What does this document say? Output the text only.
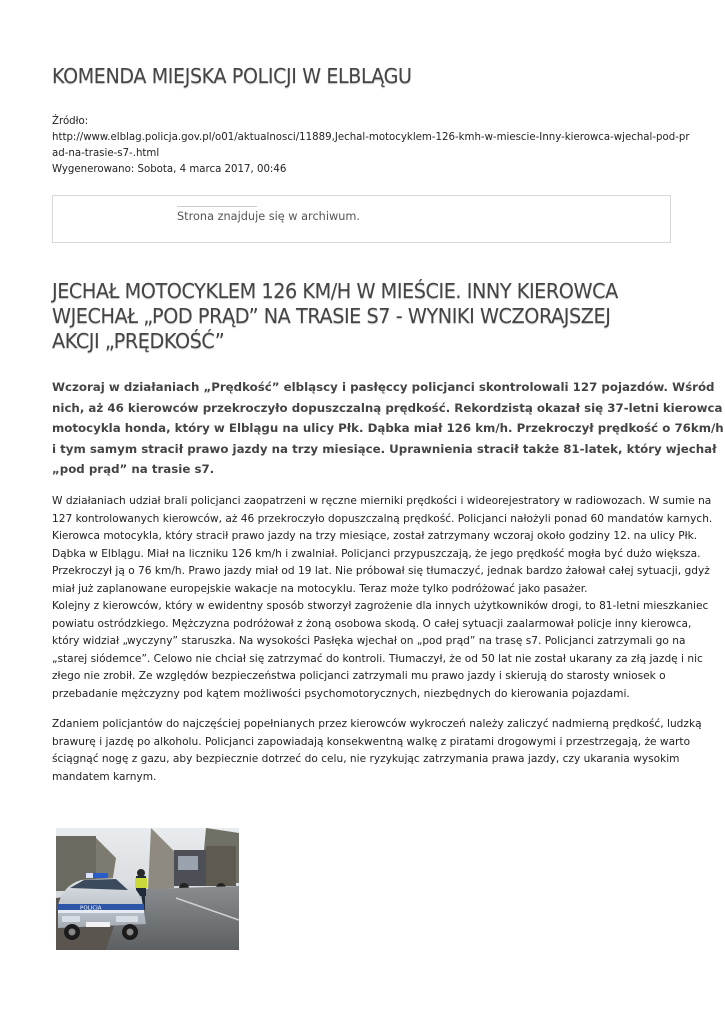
KOMENDA MIEJSKA POLICJI W ELBLĄGU
Źródło:
http://www.elblag.policja.gov.pl/o01/aktualnosci/11889,Jechal-motocyklem-126-kmh-w-miescie-Inny-kierowca-wjechal-pod-pr
ad-na-trasie-s7-.html
Wygenerowano: Sobota, 4 marca 2017, 00:46
Strona znajduje się w archiwum.
JECHAŁ MOTOCYKLEM 126 KM/H W MIEŚCIE. INNY KIEROWCA
WJECHAŁ „POD PRĄD” NA TRASIE S7 - WYNIKI WCZORAJSZEJ
AKCJI „PRĘDKOŚĆ”

Wczoraj w działaniach „Prędkość” elbląscy i pasłęccy policjanci skontrolowali 127 pojazdów. Wśród
nich, aż 46 kierowców przekroczyło dopuszczalną prędkość. Rekordzistą okazał się 37-letni kierowca
motocykla honda, który w Elblągu na ulicy Płk. Dąbka miał 126 km/h. Przekroczył prędkość o 76km/h
i tym samym stracił prawo jazdy na trzy miesiące. Uprawnienia stracił także 81-latek, który wjechał
„pod prąd” na trasie s7.

W działaniach udział brali policjanci zaopatrzeni w ręczne mierniki prędkości i wideorejestratory w radiowozach. W sumie na
127 kontrolowanych kierowców, aż 46 przekroczyło dopuszczalną prędkość. Policjanci nałożyli ponad 60 mandatów karnych.
Kierowca motocykla, który stracił prawo jazdy na trzy miesiące, został zatrzymany wczoraj około godziny 12. na ulicy Płk.
Dąbka w Elblągu. Miał na liczniku 126 km/h i zwalniał. Policjanci przypuszczają, że jego prędkość mogła być dużo większa.
Przekroczył ją o 76 km/h. Prawo jazdy miał od 19 lat. Nie próbował się tłumaczyć, jednak bardzo żałował całej sytuacji, gdyż
miał już zaplanowane europejskie wakacje na motocyklu. Teraz może tylko podróżować jako pasażer.
Kolejny z kierowców, który w ewidentny sposób stworzył zagrożenie dla innych użytkowników drogi, to 81-letni mieszkaniec
powiatu ostródzkiego. Mężczyzna podróżował z żoną osobowa skodą. O całej sytuacji zaalarmował policje inny kierowca,
który widział „wyczyny” staruszka. Na wysokości Pasłęka wjechał on „pod prąd” na trasę s7. Policjanci zatrzymali go na
„starej siódemce”. Celowo nie chciał się zatrzymać do kontroli. Tłumaczył, że od 50 lat nie został ukarany za złą jazdę i nic
złego nie zrobił. Ze względów bezpieczeństwa policjanci zatrzymali mu prawo jazdy i skierują do starosty wniosek o
przebadanie mężczyzny pod kątem możliwości psychomotorycznych, niezbędnych do kierowania pojazdami.

Zdaniem policjantów do najczęściej popełnianych przez kierowców wykroczeń należy zaliczyć nadmierną prędkość, ludzką
brawurę i jazdę po alkoholu. Policjanci zapowiadają konsekwentną walkę z piratami drogowymi i przestrzegają, że warto
ściągnąć nogę z gazu, aby bezpiecznie dotrzeć do celu, nie ryzykując zatrzymania prawa jazdy, czy ukarania wysokim
mandatem karnym.

POLICJA
